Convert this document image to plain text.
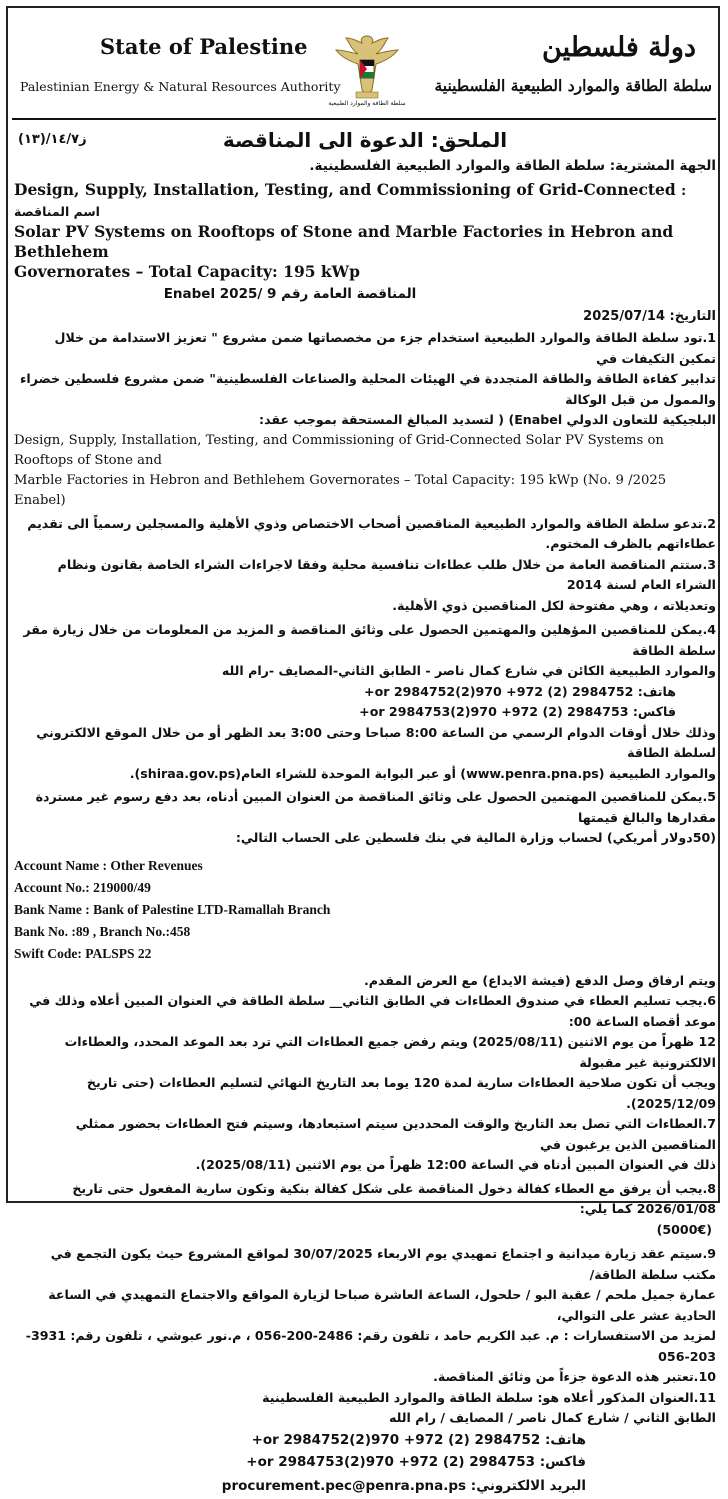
State of Palestine
Palestinian Energy & Natural Resources Authority
سلطة الطاقة والموارد الطبيعية
دولة فلسطين
سلطة الطاقة والموارد الطبيعية الفلسطينية
ز١٤/٧/(١٣)	الملحق: الدعوة الى المناقصة

الجهة المشترية: سلطة الطاقة والموارد الطبيعية الفلسطينية.

Design, Supply, Installation, Testing, and Commissioning of Grid-Connected : اسم المناقصة
Solar PV Systems on Rooftops of Stone and Marble Factories in Hebron and Bethlehem
Governorates – Total Capacity: 195 kWp

المناقصة العامة رقم 9 /2025 Enabel

التاريخ: 2025/07/14

1.تود سلطة الطاقة والموارد الطبيعية استخدام جزء من مخصصاتها ضمن مشروع " تعزيز الاستدامة من خلال تمكين التكيفات في

تدابير كفاءة الطاقة والطاقة المتجددة في الهيئات المحلية والصناعات الفلسطينية" ضمن مشروع فلسطين خضراء والممول من قبل الوكالة

البلجيكية للتعاون الدولي Enabel) ( لتسديد المبالغ المستحقة بموجب عقد:

Design, Supply, Installation, Testing, and Commissioning of Grid-Connected Solar PV Systems on Rooftops of Stone and

Marble Factories in Hebron and Bethlehem Governorates – Total Capacity: 195 kWp (No. 9 /2025 Enabel)

2.تدعو سلطة الطاقة والموارد الطبيعية المناقصين أصحاب الاختصاص وذوي الأهلية والمسجلين رسمياً الى تقديم عطاءاتهم بالظرف المختوم.

3.ستتم المناقصة العامة من خلال طلب عطاءات تنافسية محلية وفقا لاجراءات الشراء الخاصة بقانون ونظام الشراء العام لسنة 2014

وتعديلاته ، وهي مفتوحة لكل المناقصين ذوي الأهلية.

4.يمكن للمناقصين المؤهلين والمهتمين الحصول على وثائق المناقصة و المزيد من المعلومات من خلال زيارة مقر سلطة الطاقة

والموارد الطبيعية الكائن في شارع كمال ناصر - الطابق الثاني-المصايف -رام الله

هاتف: 2984752 (2) 972+ or 2984752(2)970+

فاكس: 2984753 (2) 972+ or 2984753(2)970+

وذلك خلال أوقات الدوام الرسمي من الساعة 8:00 صباحا وحتى 3:00 بعد الظهر أو من خلال الموقع الالكتروني لسلطة الطاقة

والموارد الطبيعية (www.penra.pna.ps) أو عبر البوابة الموحدة للشراء العام(shiraa.gov.ps).

5.يمكن للمناقصين المهتمين الحصول على وثائق المناقصة من العنوان المبين أدناه، بعد دفع رسوم غير مستردة مقدارها والبالغ قيمتها

(50دولار أمريكي) لحساب وزارة المالية في بنك فلسطين على الحساب التالي:

Account Name : Other Revenues
Account No.: 219000/49
Bank Name : Bank of Palestine LTD-Ramallah Branch
Bank No. :89 , Branch No.:458
Swift Code: PALSPS 22

ويتم ارفاق وصل الدفع (فيشة الايداع) مع العرض المقدم.

6.يجب تسليم العطاء في صندوق العطاءات في الطابق الثاني__ سلطة الطاقة في العنوان المبين أعلاه وذلك في موعد أقصاه الساعة 00:

12 ظهراً من يوم الاثنين (2025/08/11) ويتم رفض جميع العطاءات التي ترد بعد الموعد المحدد، والعطاءات الالكترونية غير مقبولة

ويجب أن تكون صلاحية العطاءات سارية لمدة 120 يوما بعد التاريخ النهائي لتسليم العطاءات (حتى تاريخ 2025/12/09).

7.العطاءات التي تصل بعد التاريخ والوقت المحددين سيتم استبعادها، وسيتم فتح العطاءات بحضور ممثلي المناقصين الذين يرغبون في

ذلك في العنوان المبين أدناه في الساعة 12:00 ظهراً من يوم الاثنين (2025/08/11).

8.يجب أن يرفق مع العطاء كفالة دخول المناقصة على شكل كفالة بنكية وتكون سارية المفعول حتى تاريخ 2026/01/08 كما يلي:

(5000€)

9.سيتم عقد زيارة ميدانية و اجتماع تمهيدي يوم الاربعاء 30/07/2025 لمواقع المشروع حيث يكون التجمع في مكتب سلطة الطاقة/

عمارة جميل ملحم / عقبة البو / حلحول، الساعة العاشرة صباحا لزيارة المواقع والاجتماع التمهيدي في الساعة الحادية عشر على التوالي،

لمزيد من الاستفسارات : م. عبد الكريم حامد ، تلفون رقم: 2486-200-056 ، م.نور عبوشي ، تلفون رقم: 3931-203-056

10.تعتبر هذه الدعوة جزءاً من وثائق المناقصة.

11.العنوان المذكور أعلاه هو: سلطة الطاقة والموارد الطبيعية الفلسطينية

الطابق الثاني / شارع كمال ناصر / المصايف / رام الله

هاتف: 2984752 (2) 972+ or 2984752(2)970+

فاكس: 2984753 (2) 972+ or 2984753(2)970+

البريد الالكتروني: procurement.pec@penra.pna.ps
